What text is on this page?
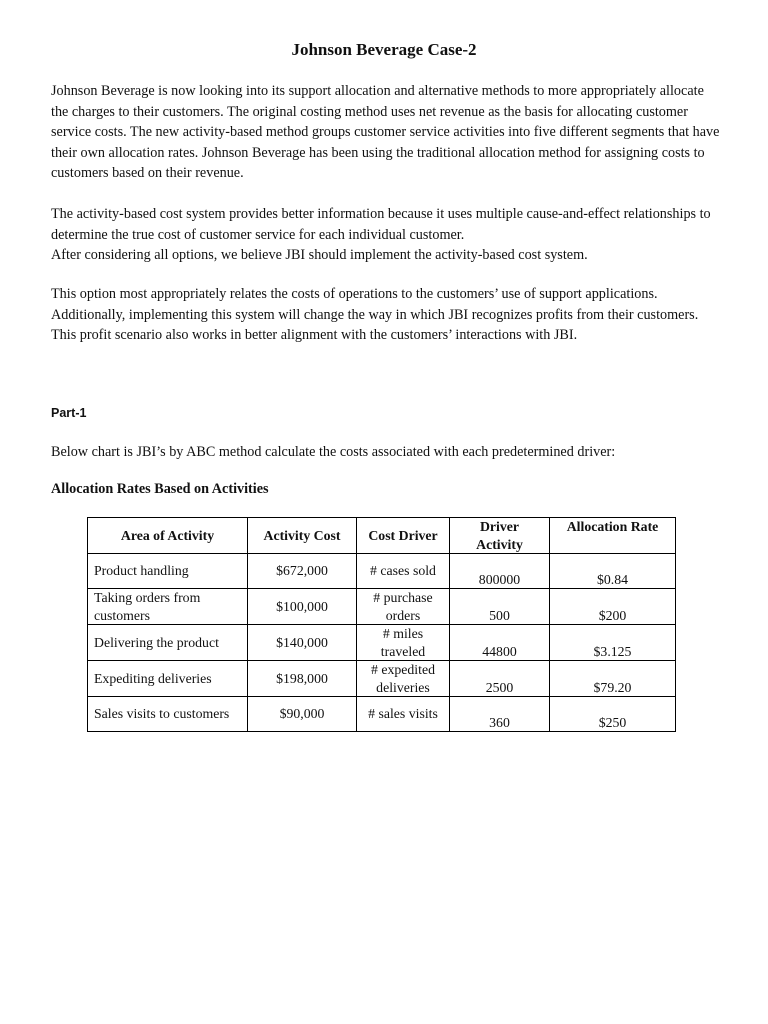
Johnson Beverage Case-2

Johnson Beverage is now looking into its support allocation and alternative methods to more appropriately allocate the charges to their customers. The original costing method uses net revenue as the basis for allocating customer service costs. The new activity-based method groups customer service activities into five different segments that have their own allocation rates. Johnson Beverage has been using the traditional allocation method for assigning costs to customers based on their revenue.

The activity-based cost system provides better information because it uses multiple cause-and-effect relationships to determine the true cost of customer service for each individual customer.

After considering all options, we believe JBI should implement the activity-based cost system.

This option most appropriately relates the costs of operations to the customers’ use of support applications. Additionally, implementing this system will change the way in which JBI recognizes profits from their customers. This profit scenario also works in better alignment with the customers’ interactions with JBI.

Part-1
Below chart is JBI’s by ABC method calculate the costs associated with each predetermined driver:
Allocation Rates Based on Activities
Area of Activity	Activity Cost	Cost Driver	Driver Activity	Allocation Rate
Product handling	$672,000	# cases sold	800000	$0.84
Taking orders from customers	$100,000	# purchase orders	500	$200
Delivering the product	$140,000	# miles traveled	44800	$3.125
Expediting deliveries	$198,000	# expedited deliveries	2500	$79.20
Sales visits to customers	$90,000	# sales visits	360	$250
